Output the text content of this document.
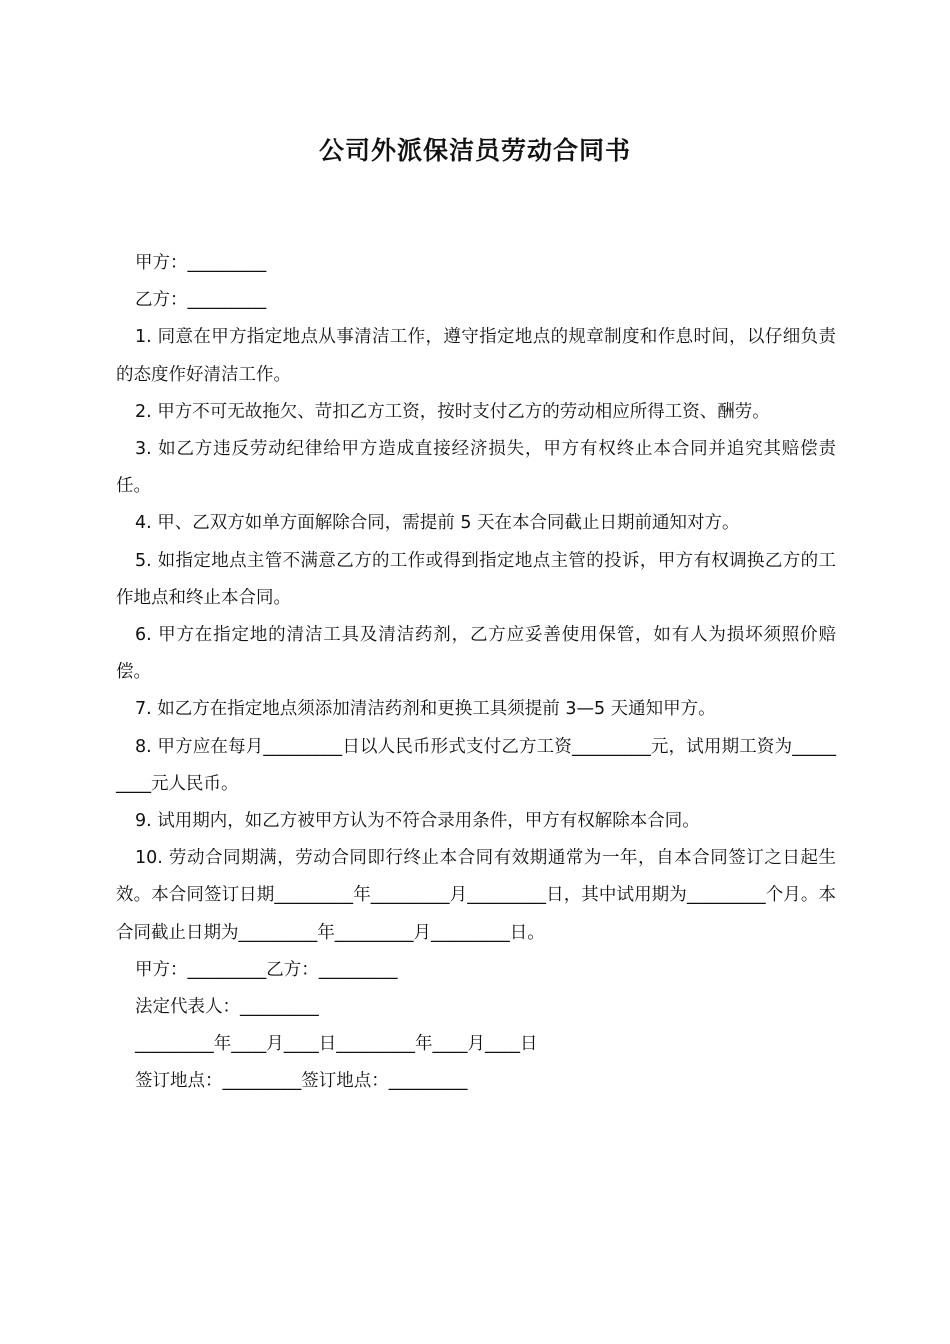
公司外派保洁员劳动合同书

甲方：_________

乙方：_________

1. 同意在甲方指定地点从事清洁工作，遵守指定地点的规章制度和作息时间，以仔细负责的态度作好清洁工作。

2. 甲方不可无故拖欠、苛扣乙方工资，按时支付乙方的劳动相应所得工资、酬劳。

3. 如乙方违反劳动纪律给甲方造成直接经济损失，甲方有权终止本合同并追究其赔偿责任。

4. 甲、乙双方如单方面解除合同，需提前 5 天在本合同截止日期前通知对方。

5. 如指定地点主管不满意乙方的工作或得到指定地点主管的投诉，甲方有权调换乙方的工作地点和终止本合同。

6. 甲方在指定地的清洁工具及清洁药剂，乙方应妥善使用保管，如有人为损坏须照价赔偿。

7. 如乙方在指定地点须添加清洁药剂和更换工具须提前 3—5 天通知甲方。

8. 甲方应在每月_________日以人民币形式支付乙方工资_________元，试用期工资为_________元人民币。

9. 试用期内，如乙方被甲方认为不符合录用条件，甲方有权解除本合同。

10. 劳动合同期满，劳动合同即行终止本合同有效期通常为一年，自本合同签订之日起生效。本合同签订日期_________年_________月_________日，其中试用期为_________个月。本合同截止日期为_________年_________月_________日。

甲方：_________乙方：_________

法定代表人：_________

_________年____月____日_________年____月____日

签订地点：_________签订地点：_________
